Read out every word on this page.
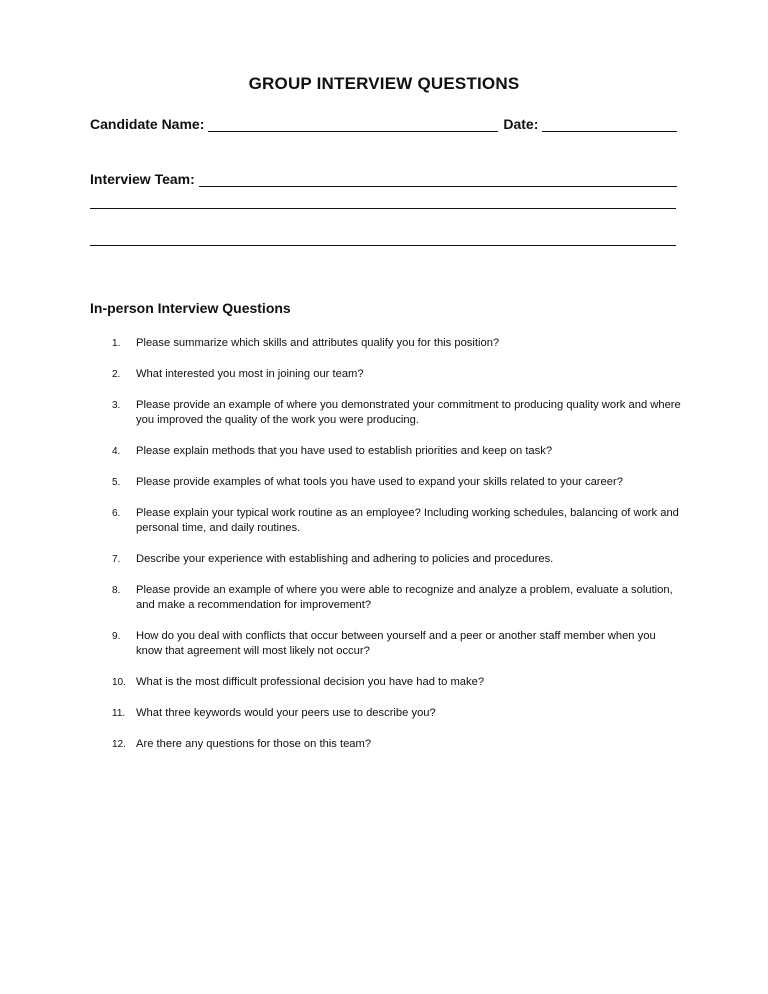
GROUP INTERVIEW QUESTIONS
Candidate Name:	Date:
Interview Team:
In-person Interview Questions
1.	Please summarize which skills and attributes qualify you for this position?
2.	What interested you most in joining our team?
3.	Please provide an example of where you demonstrated your commitment to producing quality work and where you improved the quality of the work you were producing.
4.	Please explain methods that you have used to establish priorities and keep on task?
5.	Please provide examples of what tools you have used to expand your skills related to your career?
6.	Please explain your typical work routine as an employee? Including working schedules, balancing of work and personal time, and daily routines.
7.	Describe your experience with establishing and adhering to policies and procedures.
8.	Please provide an example of where you were able to recognize and analyze a problem, evaluate a solution, and make a recommendation for improvement?
9.	How do you deal with conflicts that occur between yourself and a peer or another staff member when you know that agreement will most likely not occur?
10. What is the most difficult professional decision you have had to make?
11. What three keywords would your peers use to describe you?
12. Are there any questions for those on this team?
